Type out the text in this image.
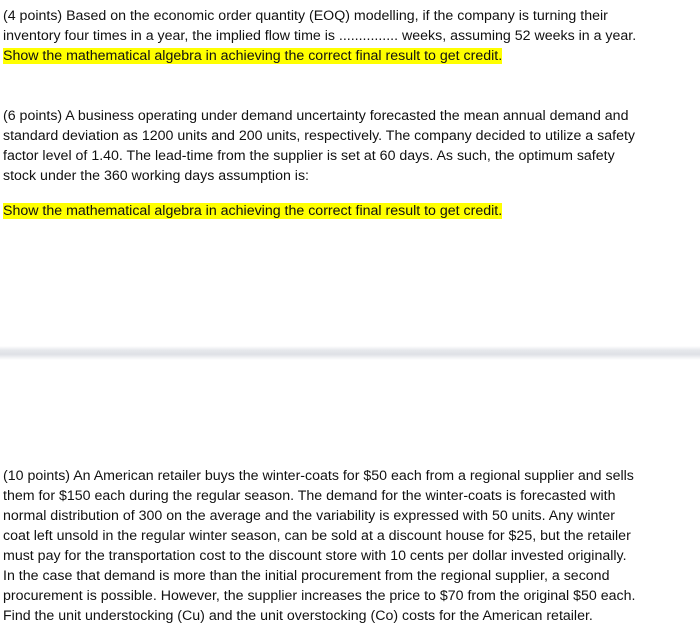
(4 points) Based on the economic order quantity (EOQ) modelling, if the company is turning their
inventory four times in a year, the implied flow time is ............... weeks, assuming 52 weeks in a year.
Show the mathematical algebra in achieving the correct final result to get credit.
(6 points) A business operating under demand uncertainty forecasted the mean annual demand and
standard deviation as 1200 units and 200 units, respectively. The company decided to utilize a safety
factor level of 1.40. The lead-time from the supplier is set at 60 days. As such, the optimum safety
stock under the 360 working days assumption is:
Show the mathematical algebra in achieving the correct final result to get credit.
(10 points) An American retailer buys the winter-coats for $50 each from a regional supplier and sells
them for $150 each during the regular season. The demand for the winter-coats is forecasted with
normal distribution of 300 on the average and the variability is expressed with 50 units. Any winter
coat left unsold in the regular winter season, can be sold at a discount house for $25, but the retailer
must pay for the transportation cost to the discount store with 10 cents per dollar invested originally.
In the case that demand is more than the initial procurement from the regional supplier, a second
procurement is possible. However, the supplier increases the price to $70 from the original $50 each.
Find the unit understocking (Cu) and the unit overstocking (Co) costs for the American retailer.
